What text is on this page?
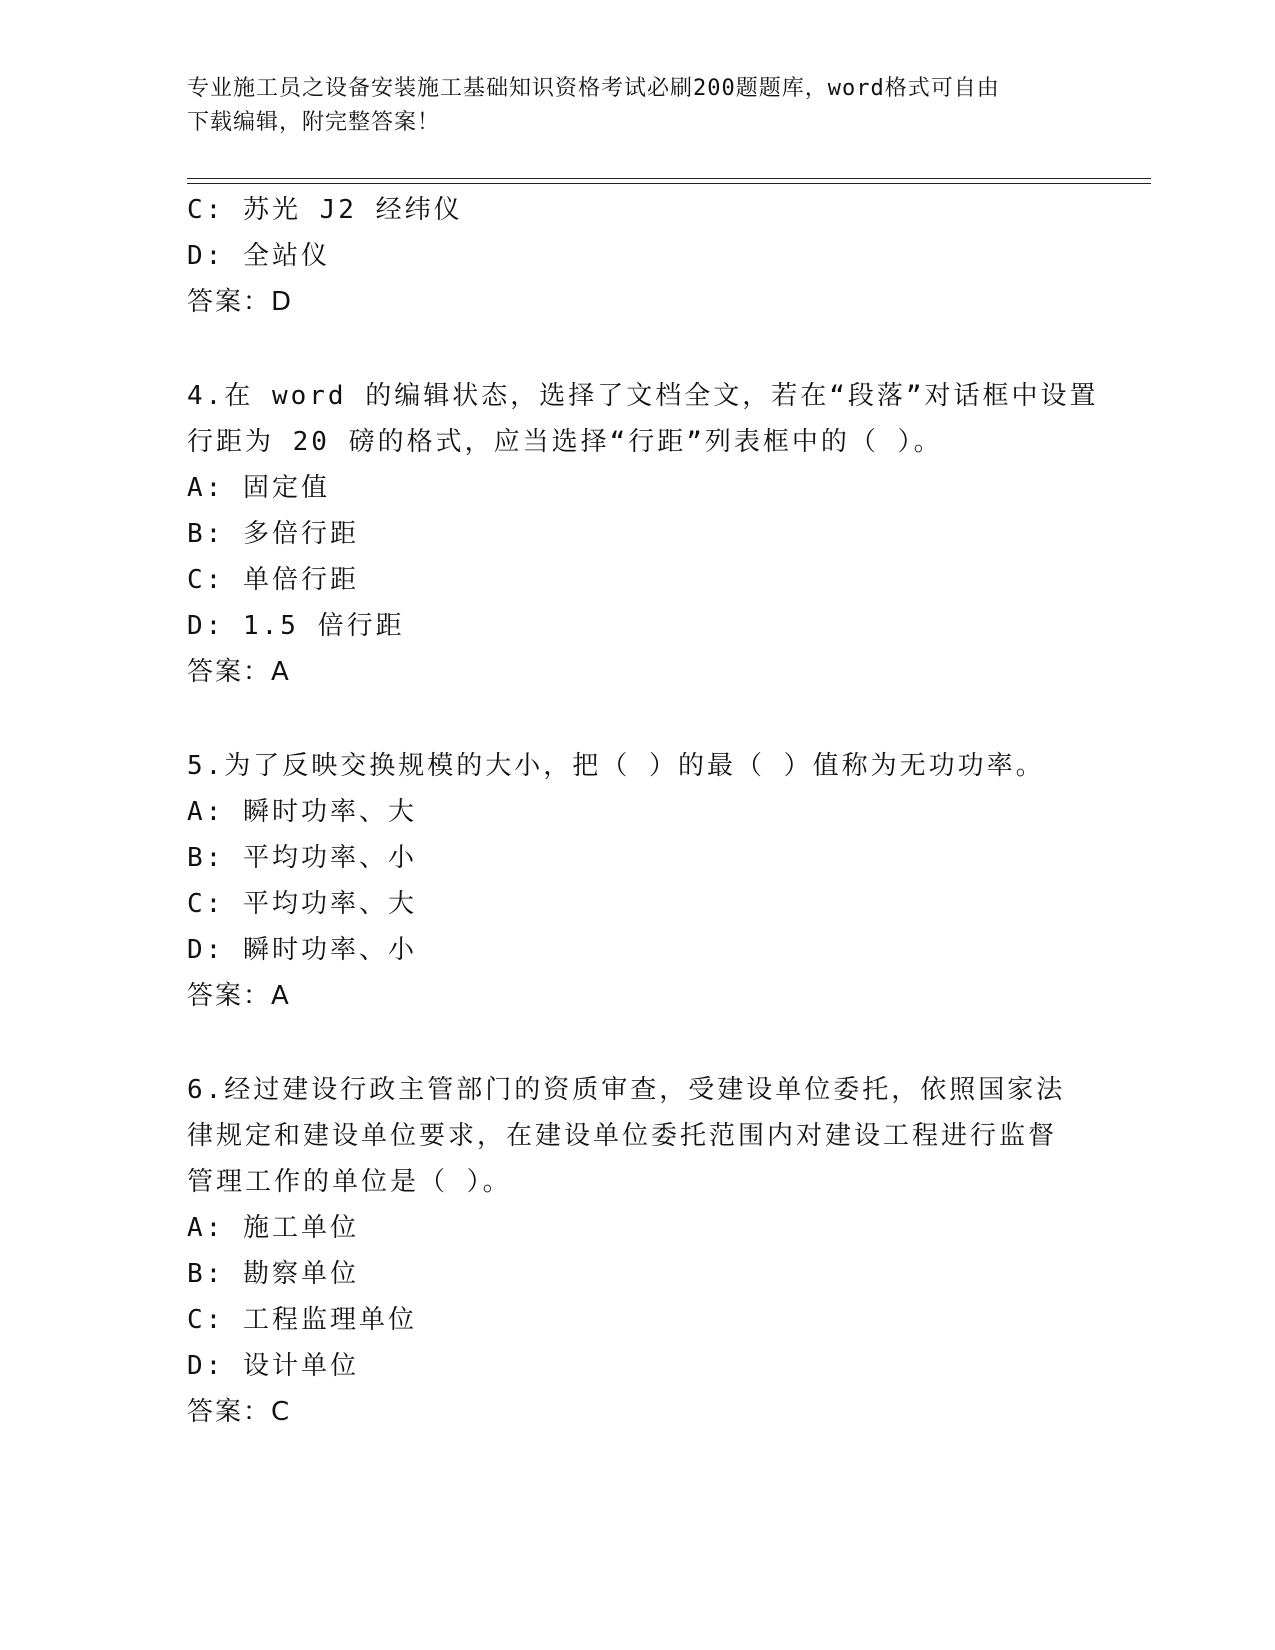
专业施工员之设备安装施工基础知识资格考试必刷200题题库，word格式可自由
下载编辑，附完整答案！
C: 苏光 J2 经纬仪
D: 全站仪
答案：D
4.在 word 的编辑状态，选择了文档全文，若在“段落”对话框中设置
行距为 20 磅的格式，应当选择“行距”列表框中的（ ）。
A: 固定值
B: 多倍行距
C: 单倍行距
D: 1.5 倍行距
答案：A
5.为了反映交换规模的大小，把（ ）的最（ ）值称为无功功率。
A: 瞬时功率、大
B: 平均功率、小
C: 平均功率、大
D: 瞬时功率、小
答案：A
6.经过建设行政主管部门的资质审查，受建设单位委托，依照国家法
律规定和建设单位要求，在建设单位委托范围内对建设工程进行监督
管理工作的单位是（ ）。
A: 施工单位
B: 勘察单位
C: 工程监理单位
D: 设计单位
答案：C
